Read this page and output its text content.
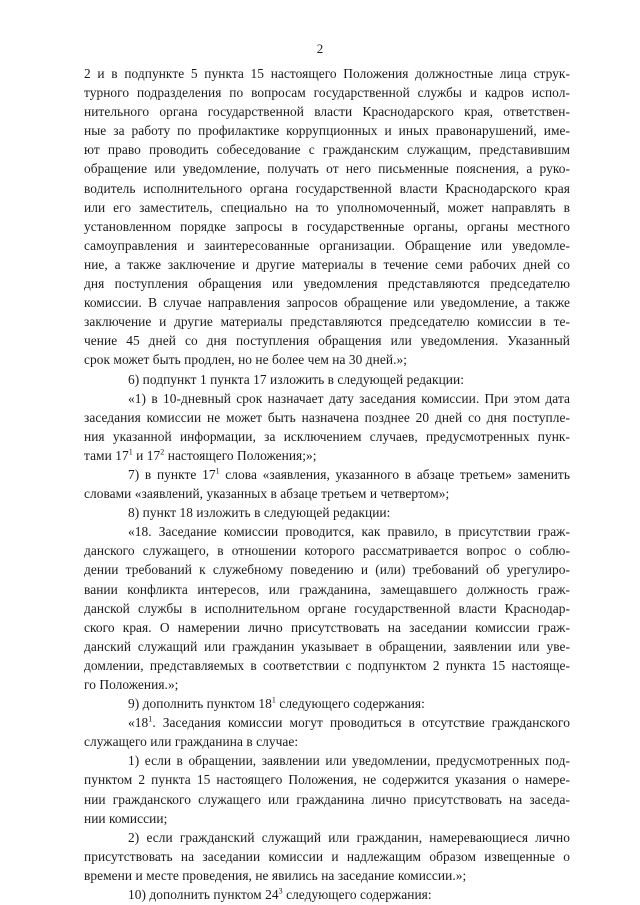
2
2 и в подпункте 5 пункта 15 настоящего Положения должностные лица струк-
турного подразделения по вопросам государственной службы и кадров испол-
нительного органа государственной власти Краснодарского края, ответствен-
ные за работу по профилактике коррупционных и иных правонарушений, име-
ют право проводить собеседование с гражданским служащим, представившим
обращение или уведомление, получать от него письменные пояснения, а руко-
водитель исполнительного органа государственной власти Краснодарского края
или его заместитель, специально на то уполномоченный, может направлять в
установленном порядке запросы в государственные органы, органы местного
самоуправления и заинтересованные организации. Обращение или уведомле-
ние, а также заключение и другие материалы в течение семи рабочих дней со
дня поступления обращения или уведомления представляются председателю
комиссии. В случае направления запросов обращение или уведомление, а также
заключение и другие материалы представляются председателю комиссии в те-
чение 45 дней со дня поступления обращения или уведомления. Указанный
срок может быть продлен, но не более чем на 30 дней.»;
6) подпункт 1 пункта 17 изложить в следующей редакции:
«1) в 10-дневный срок назначает дату заседания комиссии. При этом дата
заседания комиссии не может быть назначена позднее 20 дней со дня поступле-
ния указанной информации, за исключением случаев, предусмотренных пунк-
тами $17^1$ и $17^2$ настоящего Положения;»;
7) в пункте $17^1$ слова «заявления, указанного в абзаце третьем» заменить
словами «заявлений, указанных в абзаце третьем и четвертом»;
8) пункт 18 изложить в следующей редакции:
«18. Заседание комиссии проводится, как правило, в присутствии граж-
данского служащего, в отношении которого рассматривается вопрос о соблю-
дении требований к служебному поведению и (или) требований об урегулиро-
вании конфликта интересов, или гражданина, замещавшего должность граж-
данской службы в исполнительном органе государственной власти Краснодар-
ского края. О намерении лично присутствовать на заседании комиссии граж-
данский служащий или гражданин указывает в обращении, заявлении или уве-
домлении, представляемых в соответствии с подпунктом 2 пункта 15 настояще-
го Положения.»;
9) дополнить пунктом $18^1$ следующего содержания:
«$18^1$. Заседания комиссии могут проводиться в отсутствие гражданского
служащего или гражданина в случае:
1) если в обращении, заявлении или уведомлении, предусмотренных под-
пунктом 2 пункта 15 настоящего Положения, не содержится указания о намере-
нии гражданского служащего или гражданина лично присутствовать на заседа-
нии комиссии;
2) если гражданский служащий или гражданин, намеревающиеся лично
присутствовать на заседании комиссии и надлежащим образом извещенные о
времени и месте проведения, не явились на заседание комиссии.»;
10) дополнить пунктом $24^3$ следующего содержания:
